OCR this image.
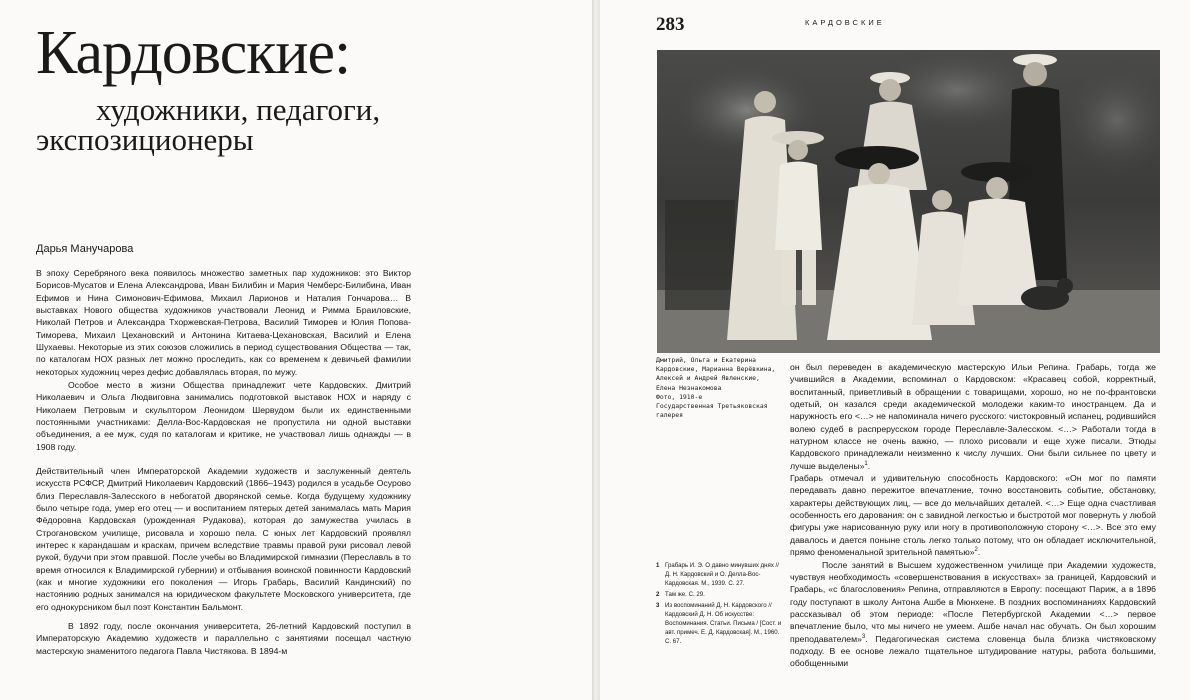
Кардовские:
художники, педагоги,
экспозиционеры
Дарья Манучарова

В эпоху Серебряного века появилось множество заметных пар художников: это Виктор Борисов-Мусатов и Елена Александрова, Иван Билибин и Мария Чемберс-Билибина, Иван Ефимов и Нина Симонович-Ефимова, Михаил Ларионов и Наталия Гончарова… В выставках Нового общества художников участвовали Леонид и Римма Браиловские, Николай Петров и Александра Тхоржевская-Петрова, Василий Тиморев и Юлия Попова-Тиморева, Михаил Цехановский и Антонина Китаева-Цехановская, Василий и Елена Шухаевы. Некоторые из этих союзов сложились в период существования Общества — так, по каталогам НОХ разных лет можно проследить, как со временем к девичьей фамилии некоторых художниц через дефис добавлялась вторая, по мужу.

Особое место в жизни Общества принадлежит чете Кардовских. Дмитрий Николаевич и Ольга Людвиговна занимались подготовкой выставок НОХ и наряду с Николаем Петровым и скульптором Леонидом Шервудом были их единственными постоянными участниками: Делла-Вос-Кардовская не пропустила ни одной выставки объединения, а ее муж, судя по каталогам и критике, не участвовал лишь однажды — в 1908 году.

Действительный член Императорской Академии художеств и заслуженный деятель искусств РСФСР, Дмитрий Николаевич Кардовский (1866–1943) родился в усадьбе Осурово близ Переславля-Залесского в небогатой дворянской семье. Когда будущему художнику было четыре года, умер его отец — и воспитанием пятерых детей занималась мать Мария Фёдоровна Кардовская (урожденная Рудакова), которая до замужества училась в Строгановском училище, рисовала и хорошо пела. С юных лет Кардовский проявлял интерес к карандашам и краскам, причем вследствие травмы правой руки рисовал левой рукой, будучи при этом правшой. После учебы во Владимирской гимназии (Переславль в то время относился к Владимирской губернии) и отбывания воинской повинности Кардовский (как и многие художники его поколения — Игорь Грабарь, Василий Кандинский) по настоянию родных занимался на юридическом факультете Московского университета, где его однокурсником был поэт Константин Бальмонт.

В 1892 году, после окончания университета, 26-летний Кардовский поступил в Императорскую Академию художеств и параллельно с занятиями посещал частную мастерскую знаменитого педагога Павла Чистякова. В 1894-м

283	КАРДОВСКИЕ

Дмитрий, Ольга и Екатерина Кардовские, Марианна Верёвкина, Алексей и Андрей Явленские, Елена Незнакомова
Фото, 1910-е
Государственная Третьяковская галерея

1 Грабарь И. Э. О давно минувших днях // Д. Н. Кардовский и О. Делла-Вос-Кардовская. М., 1939. С. 27.
2 Там же. С. 29.
3 Из воспоминаний Д. Н. Кардовского // Кардовский Д. Н. Об искусстве: Воспоминания. Статьи. Письма / [Сост. и авт. примеч. Е. Д. Кардовская]. М., 1960. С. 67.

он был переведен в академическую мастерскую Ильи Репина. Грабарь, тогда же учившийся в Академии, вспоминал о Кардовском: «Красавец собой, корректный, воспитанный, приветливый в обращении с товарищами, хорошо, но не по-франтовски одетый, он казался среди академической молодежи каким-то иностранцем. Да и наружность его <…> не напоминала ничего русского: чистокровный испанец, родившийся волею судеб в распрерусском городе Переславле-Залесском. <…> Работали тогда в натурном классе не очень важно, — плохо рисовали и еще хуже писали. Этюды Кардовского принадлежали неизменно к числу лучших. Они были сильнее по цвету и лучше выделены»$^1$.

Грабарь отмечал и удивительную способность Кардовского: «Он мог по памяти передавать давно пережитое впечатление, точно восстановить событие, обстановку, характеры действующих лиц, — все до мельчайших деталей. <…> Еще одна счастливая особенность его дарования: он с завидной легкостью и быстротой мог повернуть у любой фигуры уже нарисованную руку или ногу в противоположную сторону <…>. Все это ему давалось и дается поныне столь легко только потому, что он обладает исключительной, прямо феноменальной зрительной памятью»$^2$.

После занятий в Высшем художественном училище при Академии художеств, чувствуя необходимость «совершенствования в искусствах» за границей, Кардовский и Грабарь, «с благословения» Репина, отправляются в Европу: посещают Париж, а в 1896 году поступают в школу Антона Ашбе в Мюнхене. В поздних воспоминаниях Кардовский рассказывал об этом периоде: «После Петербургской Академии <…> первое впечатление было, что мы ничего не умеем. Ашбе начал нас обучать. Он был хорошим преподавателем»$^3$. Педагогическая система словенца была близка чистяковскому подходу. В ее основе лежало тщательное штудирование натуры, работа большими, обобщенными
